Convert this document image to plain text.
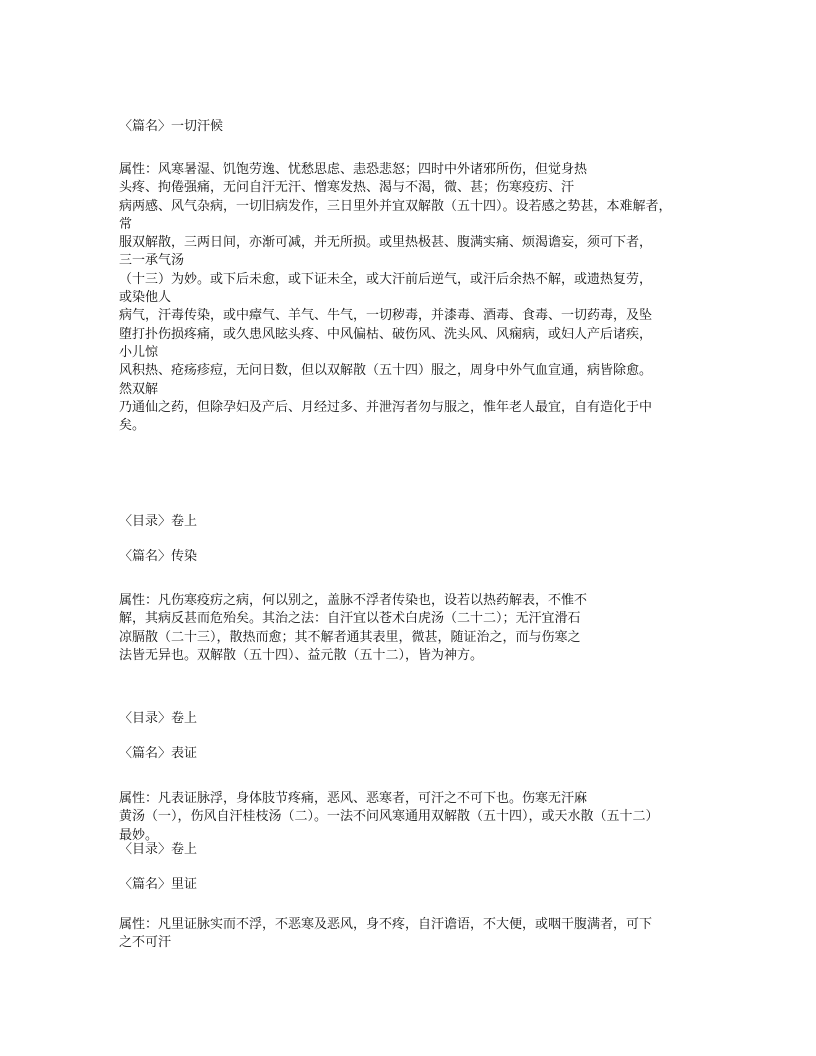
〈篇名〉一切汗候
属性：风寒暑湿、饥饱劳逸、忧愁思虑、恚恐悲怒；四时中外诸邪所伤，但觉身热
头疼、拘倦强痛，无问自汗无汗、憎寒发热、渴与不渴，微、甚；伤寒疫疠、汗
病两感、风气杂病，一切旧病发作，三日里外并宜双解散（五十四）。设若感之势甚，本难解者，
常
服双解散，三两日间，亦渐可减，并无所损。或里热极甚、腹满实痛、烦渴谵妄，须可下者，
三一承气汤
（十三）为妙。或下后未愈，或下证未全，或大汗前后逆气，或汗后余热不解，或遗热复劳，
或染他人
病气，汗毒传染，或中瘴气、羊气、牛气，一切秽毒，并漆毒、酒毒、食毒、一切药毒，及坠
堕打扑伤损疼痛，或久患风眩头疼、中风偏枯、破伤风、洗头风、风痫病，或妇人产后诸疾，
小儿惊
风积热、疮疡疹痘，无问日数，但以双解散（五十四）服之，周身中外气血宣通，病皆除愈。
然双解
乃通仙之药，但除孕妇及产后、月经过多、并泄泻者勿与服之，惟年老人最宜，自有造化于中
矣。
〈目录〉卷上
〈篇名〉传染
属性：凡伤寒疫疠之病，何以别之，盖脉不浮者传染也，设若以热药解表，不惟不
解，其病反甚而危殆矣。其治之法：自汗宜以苍术白虎汤（二十二）；无汗宜滑石
凉膈散（二十三），散热而愈；其不解者通其表里，微甚，随证治之，而与伤寒之
法皆无异也。双解散（五十四）、益元散（五十二），皆为神方。
〈目录〉卷上
〈篇名〉表证
属性：凡表证脉浮，身体肢节疼痛，恶风、恶寒者，可汗之不可下也。伤寒无汗麻
黄汤（一），伤风自汗桂枝汤（二）。一法不问风寒通用双解散（五十四），或天水散（五十二）
最妙。
〈目录〉卷上
〈篇名〉里证
属性：凡里证脉实而不浮，不恶寒及恶风，身不疼，自汗谵语，不大便，或咽干腹满者，可下
之不可汗
